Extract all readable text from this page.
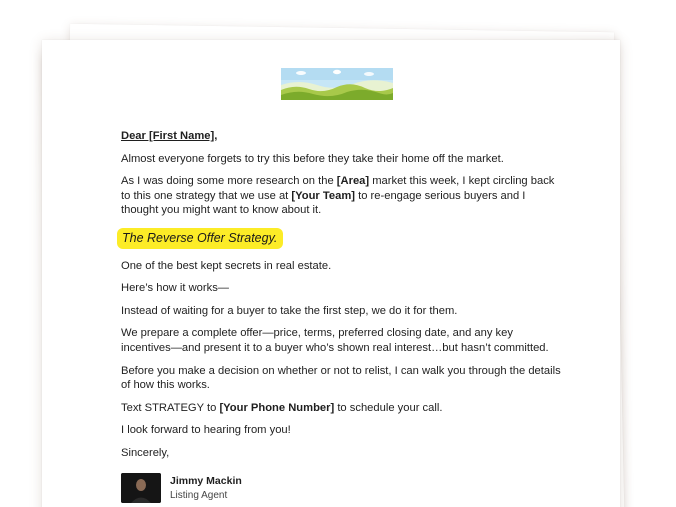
Dear [First Name],

Almost everyone forgets to try this before they take their home off the market.

As I was doing some more research on the [Area] market this week, I kept circling back to this one strategy that we use at [Your Team] to re-engage serious buyers and I thought you might want to know about it.

The Reverse Offer Strategy.

One of the best kept secrets in real estate.

Here’s how it works—

Instead of waiting for a buyer to take the first step, we do it for them.

We prepare a complete offer—price, terms, preferred closing date, and any key incentives—and present it to a buyer who’s shown real interest…but hasn’t committed.

Before you make a decision on whether or not to relist, I can walk you through the details of how this works.

Text STRATEGY to [Your Phone Number] to schedule your call.

I look forward to hearing from you!

Sincerely,

Jimmy Mackin
Listing Agent
